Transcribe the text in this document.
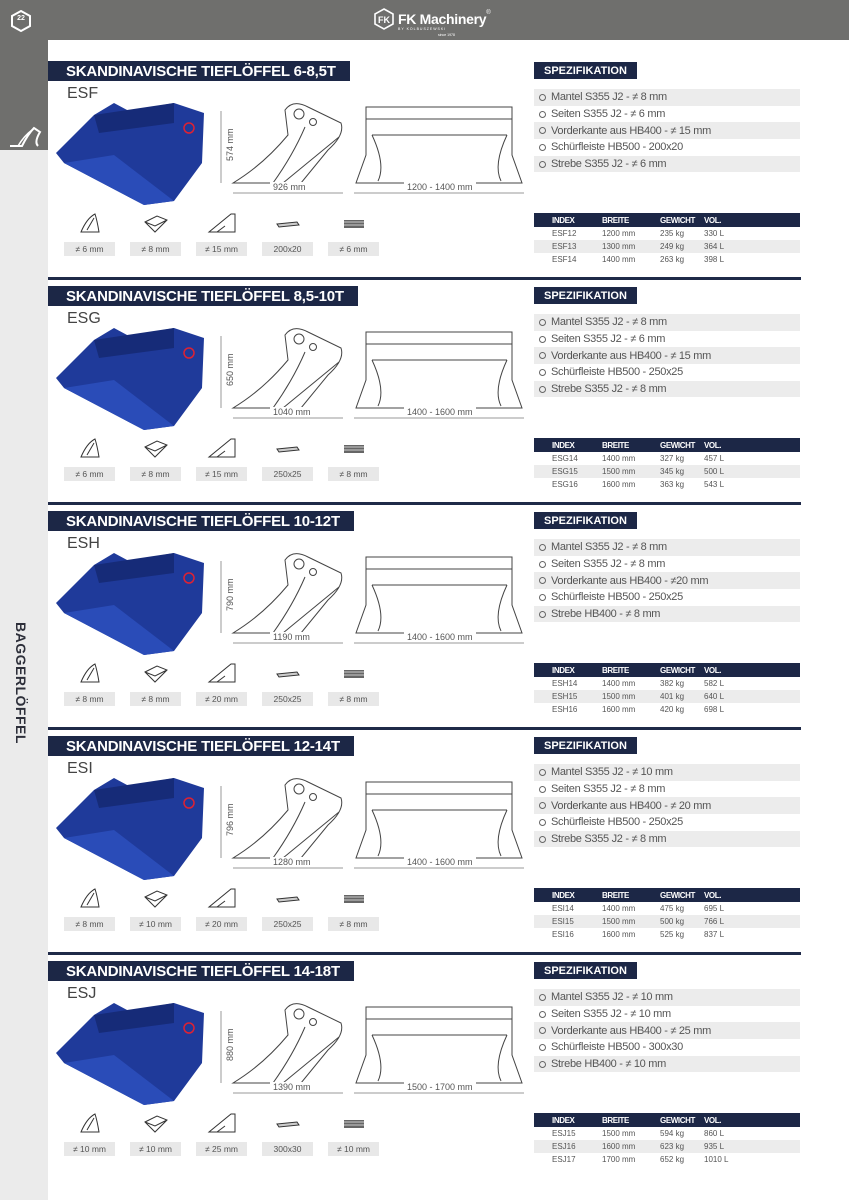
22	FK FK Machinery ®
BY KOLBUSZEWSKI
since 1978
BAGGERLÖFFEL
SKANDINAVISCHE TIEFLÖFFEL 6-8,5T
ESF
574 mm
926 mm	1200 - 1400 mm
≠ 6 mm	≠ 8 mm	≠ 15 mm	200x20	≠ 6 mm
SPEZIFIKATION
Mantel S355 J2 - ≠ 8 mm
Seiten S355 J2 - ≠ 6 mm
Vorderkante aus HB400 - ≠ 15 mm
Schürfleiste HB500 - 200x20
Strebe S355 J2 - ≠ 6 mm
INDEX	BREITE	GEWICHT	VOL.
ESF12	1200 mm	235 kg	330 L
ESF13	1300 mm	249 kg	364 L
ESF14	1400 mm	263 kg	398 L
SKANDINAVISCHE TIEFLÖFFEL 8,5-10T
ESG
650 mm
1040 mm	1400 - 1600 mm
≠ 6 mm	≠ 8 mm	≠ 15 mm	250x25	≠ 8 mm
SPEZIFIKATION
Mantel S355 J2 - ≠ 8 mm
Seiten S355 J2 - ≠ 6 mm
Vorderkante aus HB400 - ≠ 15 mm
Schürfleiste HB500 - 250x25
Strebe S355 J2 - ≠ 8 mm
INDEX	BREITE	GEWICHT	VOL.
ESG14	1400 mm	327 kg	457 L
ESG15	1500 mm	345 kg	500 L
ESG16	1600 mm	363 kg	543 L
SKANDINAVISCHE TIEFLÖFFEL 10-12T
ESH
790 mm
1190 mm	1400 - 1600 mm
≠ 8 mm	≠ 8 mm	≠ 20 mm	250x25	≠ 8 mm
SPEZIFIKATION
Mantel S355 J2 - ≠ 8 mm
Seiten S355 J2 - ≠ 8 mm
Vorderkante aus HB400 - ≠20 mm
Schürfleiste HB500 - 250x25
Strebe HB400 - ≠ 8 mm
INDEX	BREITE	GEWICHT	VOL.
ESH14	1400 mm	382 kg	582 L
ESH15	1500 mm	401 kg	640 L
ESH16	1600 mm	420 kg	698 L
SKANDINAVISCHE TIEFLÖFFEL 12-14T
ESI
796 mm
1280 mm	1400 - 1600 mm
≠ 8 mm	≠ 10 mm	≠ 20 mm	250x25	≠ 8 mm
SPEZIFIKATION
Mantel S355 J2 - ≠ 10 mm
Seiten S355 J2 - ≠ 8 mm
Vorderkante aus HB400 - ≠ 20 mm
Schürfleiste HB500 - 250x25
Strebe S355 J2 - ≠ 8 mm
INDEX	BREITE	GEWICHT	VOL.
ESI14	1400 mm	475 kg	695 L
ESI15	1500 mm	500 kg	766 L
ESI16	1600 mm	525 kg	837 L
SKANDINAVISCHE TIEFLÖFFEL 14-18T
ESJ
880 mm
1390 mm	1500 - 1700 mm
≠ 10 mm	≠ 10 mm	≠ 25 mm	300x30	≠ 10 mm
SPEZIFIKATION
Mantel S355 J2 - ≠ 10 mm
Seiten S355 J2 - ≠ 10 mm
Vorderkante aus HB400 - ≠ 25 mm
Schürfleiste HB500 - 300x30
Strebe HB400 - ≠ 10 mm
INDEX	BREITE	GEWICHT	VOL.
ESJ15	1500 mm	594 kg	860 L
ESJ16	1600 mm	623 kg	935 L
ESJ17	1700 mm	652 kg	1010 L
